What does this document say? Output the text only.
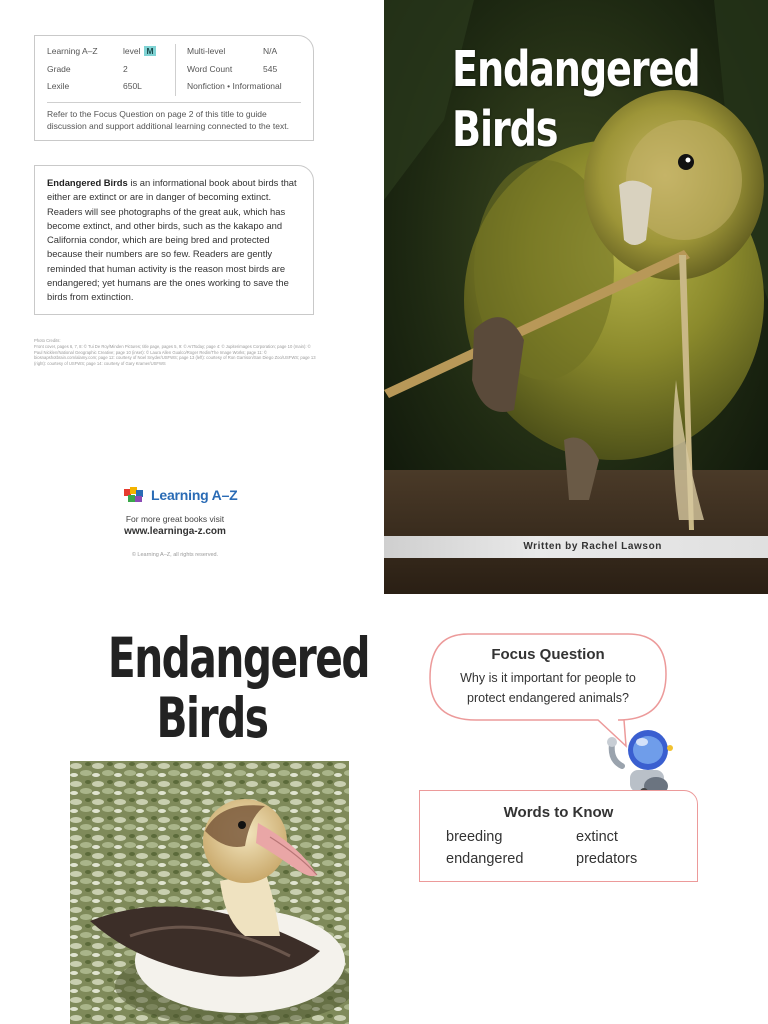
Learning A–Z	level M	Multi-level	N/A
Grade	2	Word Count	545
Lexile	650L	Nonfiction • Informational
Refer to the Focus Question on page 2 of this title to guide discussion and support additional learning connected to the text.
Endangered Birds is an informational book about birds that either are extinct or are in danger of becoming extinct. Readers will see photographs of the great auk, which has become extinct, and other birds, such as the kakapo and California condor, which are being bred and protected because their numbers are so few. Readers are gently reminded that human activity is the reason most birds are endangered; yet humans are the ones working to save the birds from extinction.
Photo Credits:
Front cover, pages 6, 7, 8: © Tui De Roy/Minden Pictures; title page, pages 5, 9: © ArtToday; page 4: © Jupiterimages Corporation; page 10 (main): © Paul Nicklen/National Geographic Creative; page 10 (inset): © Laura Allen Gualco/Roger Redin/The Image Works; page 11: © biosnapshotbrain.com/alamy.com; page 12: courtesy of Noel Snyder/USFWS; page 13 (left): courtesy of Ron Garrison/San Diego Zoo/USFWS; page 13 (right): courtesy of USFWS; page 14: courtesy of Gary Kramer/USFWS
Learning A–Z
For more great books visit
www.learninga-z.com
© Learning A–Z, all rights reserved.
Endangered
Birds
Written by Rachel Lawson
Endangered
Birds
Focus Question
Why is it important for people to protect endangered animals?
breeding	extinct
endangered	predators
Words to Know
